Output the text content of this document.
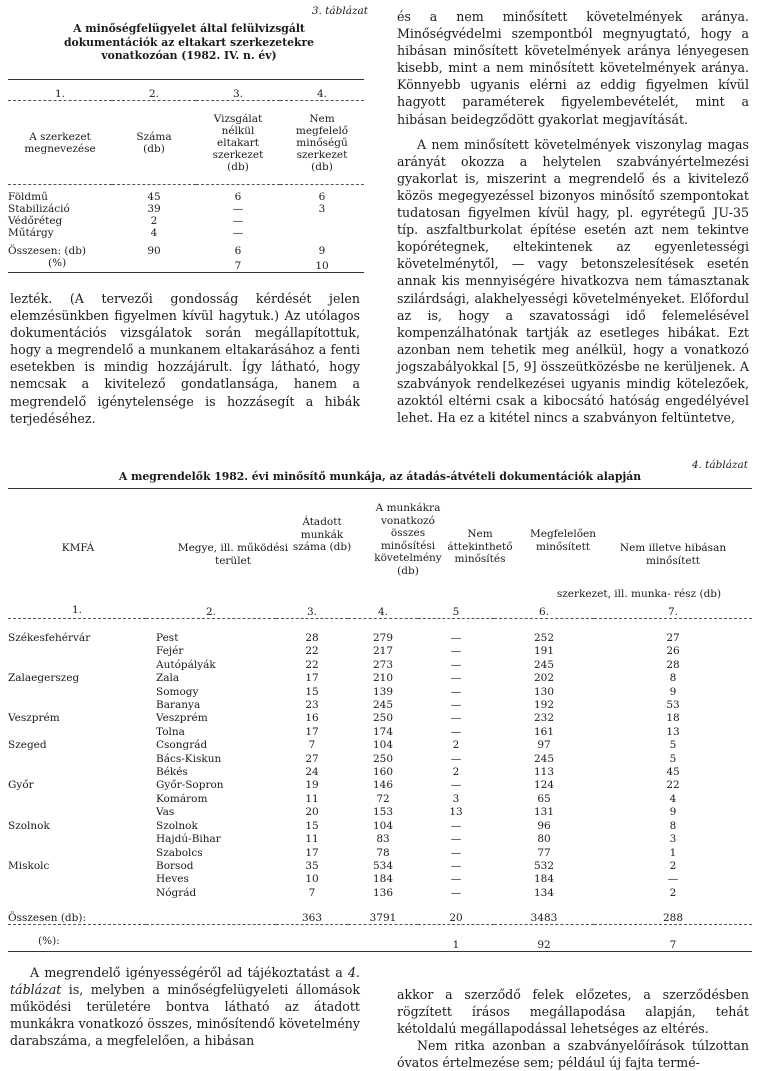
3. táblázat
A minőségfelügyelet által felülvizsgált
dokumentációk az eltakart szerkezetekre
vonatkozóan (1982. IV. n. év)
1.	2.	3.	4.
A szerkezet megnevezése	Száma (db)	Vizsgálat nélkül eltakart szerkezet (db)	Nem megfelelő minőségű szerkezet (db)

Földmű	45	6	6
Stabilizáció	39	—	3
Védőréteg	2	—	
Műtárgy	4	—	
Összesen: (db)	90	6	9
(%)		7	10

lezték. (A tervezői gondosság kérdését jelen elemzésünkben figyelmen kívül hagytuk.) Az utólagos dokumentációs vizsgálatok során megállapítottuk, hogy a megrendelő a munkanem eltakarásához a fenti esetekben is mindig hozzájárult. Így látható, hogy nemcsak a kivitelező gondatlansága, hanem a megrendelő igénytelensége is hozzásegít a hibák terjedéséhez.

és a nem minősített követelmények aránya. Minőségvédelmi szempontból megnyugtató, hogy a hibásan minősített követelmények aránya lényegesen kisebb, mint a nem minősített követelmények aránya. Könnyebb ugyanis elérni az eddig figyelmen kívül hagyott paraméterek figyelembevételét, mint a hibásan beidegződött gyakorlat megjavítását.

A nem minősített követelmények viszonylag magas arányát okozza a helytelen szabványértelmezési gyakorlat is, miszerint a megrendelő és a kivitelező közös megegyezéssel bizonyos minősítő szempontokat tudatosan figyelmen kívül hagy, pl. egyrétegű JU-35 típ. aszfaltburkolat építése esetén azt nem tekintve kopórétegnek, eltekintenek az egyenletességi követelménytől, — vagy betonszelesítések esetén annak kis mennyiségére hivatkozva nem támasztanak szilárdsági, alakhelyességi követelményeket. Előfordul az is, hogy a szavatossági idő felemelésével kompenzálhatónak tartják az esetleges hibákat. Ezt azonban nem tehetik meg anélkül, hogy a vonatkozó jogszabályokkal [5, 9] összeütközésbe ne kerüljenek. A szabványok rendelkezései ugyanis mindig kötelezőek, azoktól eltérni csak a kibocsátó hatóság engedélyével lehet. Ha ez a kitétel nincs a szabványon feltüntetve,

4. táblázat
A megrendelők 1982. évi minősítő munkája, az átadás-átvételi dokumentációk alapján
KMFÁ	Megye, ill. működési terület
Átadott munkák száma (db)
A munkákra vonatkozó összes minősítési követelmény (db)
Nem áttekinthető minősítés
Megfelelően minősített	Nem illetve hibásan minősített
szerkezet, ill. munka- rész (db)
1.	2.	3.	4.	5	6.	7.

Székesfehérvár	Pest	28	279	—	252	27
	Fejér	22	217	—	191	26
	Autópályák	22	273	—	245	28
Zalaegerszeg	Zala	17	210	—	202	8
	Somogy	15	139	—	130	9
	Baranya	23	245	—	192	53
Veszprém	Veszprém	16	250	—	232	18
	Tolna	17	174	—	161	13
Szeged	Csongrád	7	104	2	97	5
	Bács-Kiskun	27	250	—	245	5
	Békés	24	160	2	113	45
Győr	Győr-Sopron	19	146	—	124	22
	Komárom	11	72	3	65	4
	Vas	20	153	13	131	9
Szolnok	Szolnok	15	104	—	96	8
	Hajdú-Bihar	11	83	—	80	3
	Szabolcs	17	78	—	77	1
Miskolc	Borsod	35	534	—	532	2
	Heves	10	184	—	184	—
	Nógrád	7	136	—	134	2
Összesen (db):		363	3791	20	3483	288

(%):				1	92	7

A megrendelő igényességéről ad tájékoztatást a 4. táblázat is, melyben a minőségfelügyeleti állomások működési területére bontva látható az átadott munkákra vonatkozó összes, minősítendő követelmény darabszáma, a megfelelően, a hibásan

akkor a szerződő felek előzetes, a szerződésben rögzített írásos megállapodása alapján, tehát kétoldalú megállapodással lehetséges az eltérés.

Nem ritka azonban a szabványelőírások túlzottan óvatos értelmezése sem; például új fajta termé-
